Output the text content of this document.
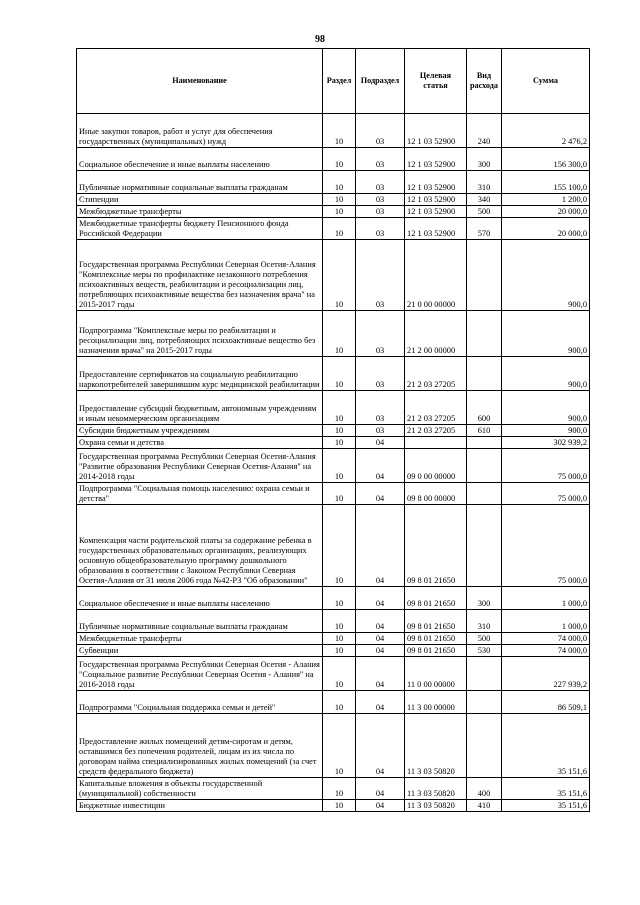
98
Наименование	Раздел	Подраздел	Целевая статья	Вид расхода	Сумма
Иные закупки товаров, работ и услуг для обеспечения государственных (муниципальных) нужд	10	03	12 1 03 52900	240	2 476,2
Социальное обеспечение и иные выплаты населению	10	03	12 1 03 52900	300	156 300,0
Публичные нормативные социальные выплаты гражданам	10	03	12 1 03 52900	310	155 100,0
Стипендии	10	03	12 1 03 52900	340	1 200,0
Межбюджетные трансферты	10	03	12 1 03 52900	500	20 000,0
Межбюджетные трансферты бюджету Пенсионного фонда Российской Федерации	10	03	12 1 03 52900	570	20 000,0
Государственная программа Республики Северная Осетия-Алания "Комплексные меры по профилактике незаконного потребления психоактивных веществ, реабилитации и ресоциализации лиц, потребляющих психоактивные вещества без назначения врача" на 2015-2017 годы	10	03	21 0 00 00000		900,0
Подпрограмма "Комплексные меры по реабилитации и ресоциализации лиц, потребляющих психоактивные вещество без назначения врача" на 2015-2017 годы	10	03	21 2 00 00000		900,0
Предоставление сертификатов на социальную реабилитацию наркопотребителей завершившим курс медицинской реабилитации	10	03	21 2 03 27205		900,0
Предоставление субсидий бюджетным, автономным учреждениям и иным некоммерческим организациям	10	03	21 2 03 27205	600	900,0
Субсидии бюджетным учреждениям	10	03	21 2 03 27205	610	900,0
Охрана семьи и детства	10	04			302 939,2
Государственная программа Республики Северная Осетия-Алания "Развитие образования Республики Северная Осетия-Алания" на 2014-2018 годы	10	04	09 0 00 00000		75 000,0
Подпрограмма "Социальная помощь населению: охрана семьи и детства"	10	04	09 8 00 00000		75 000,0
Компенсация части родительской платы за содержание ребенка в государственных образовательных организациях, реализующих основную общеобразовательную программу дошкольного образования в соответствии с Законом Республики Северная Осетия-Алания от 31 июля 2006 года №42-РЗ "Об образовании"	10	04	09 8 01 21650		75 000,0
Социальное обеспечение и иные выплаты населению	10	04	09 8 01 21650	300	1 000,0
Публичные нормативные социальные выплаты гражданам	10	04	09 8 01 21650	310	1 000,0
Межбюджетные трансферты	10	04	09 8 01 21650	500	74 000,0
Субвенции	10	04	09 8 01 21650	530	74 000,0
Государственная программа Республики Северная Осетия - Алания "Социальное развитие Республики Северная Осетия - Алания" на 2016-2018 годы	10	04	11 0 00 00000		227 939,2
Подпрограмма "Социальная поддержка семьи и детей"	10	04	11 3 00 00000		86 509,1
Предоставление жилых помещений детям-сиротам и детям, оставшимся без попечения родителей, лицам из их числа по договорам найма специализированных жилых помещений (за счет средств федерального бюджета)	10	04	11 3 03 50820		35 151,6
Капитальные вложения в объекты государственной (муниципальной) собственности	10	04	11 3 03 50820	400	35 151,6
Бюджетные инвестиции	10	04	11 3 03 50820	410	35 151,6
